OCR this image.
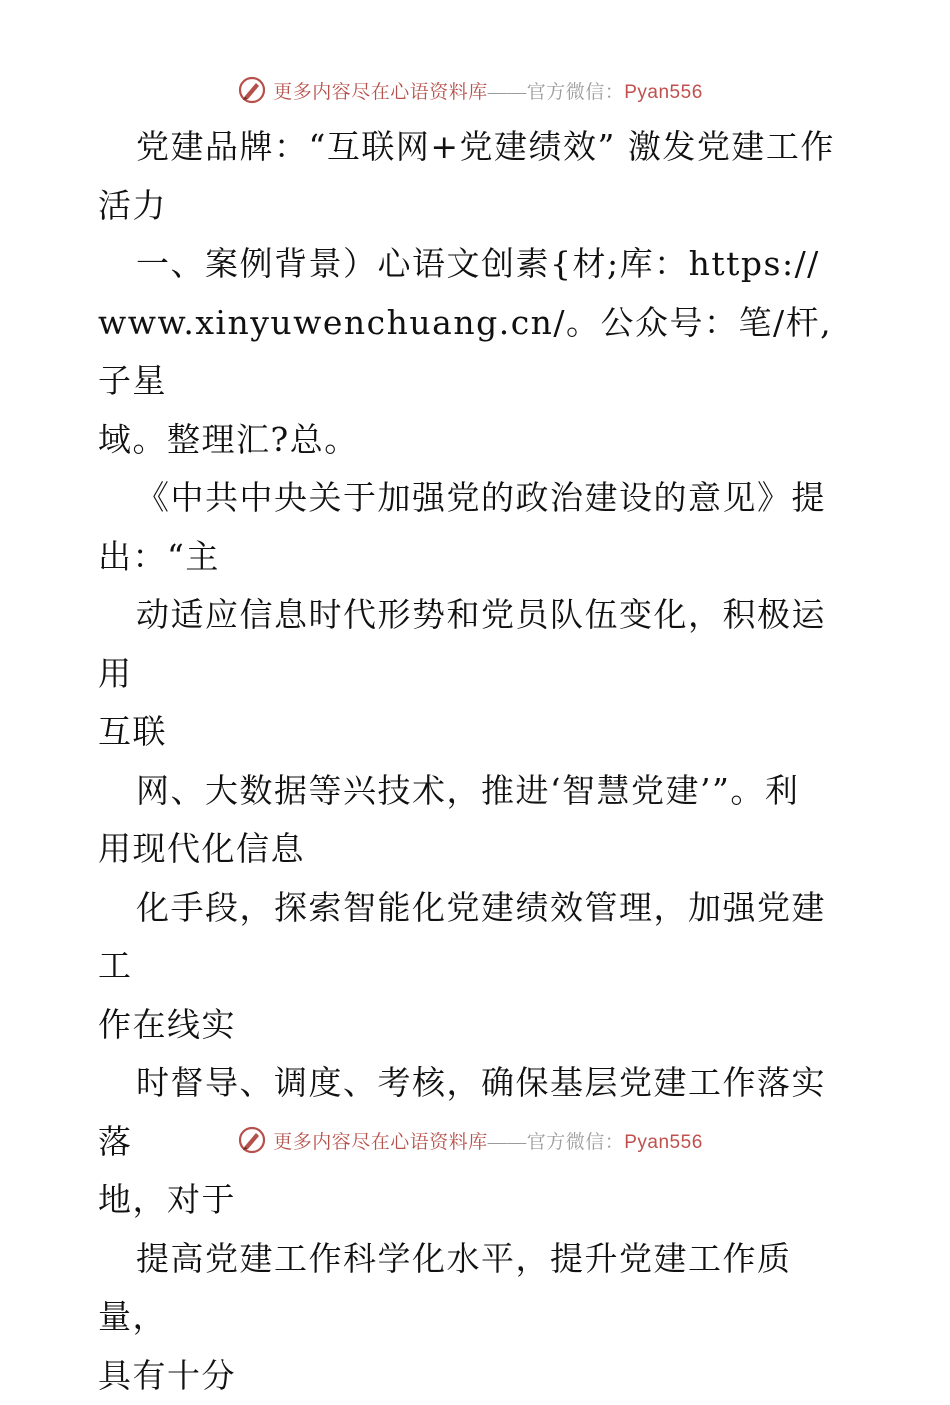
更多内容尽在心语资料库——官方微信：Pyan556

党建品牌：“互联网+党建绩效” 激发党建工作

活力

一、案例背景）心语文创素{材;库：https://

www.xinyuwenchuang.cn/。公众号：笔/杆,子星

域。整理汇?总。

《中共中央关于加强党的政治建设的意见》提

出：“主

动适应信息时代形势和党员队伍变化，积极运用

互联

网、大数据等兴技术，推进‘智慧党建’”。利

用现代化信息

化手段，探索智能化党建绩效管理，加强党建工

作在线实

时督导、调度、考核，确保基层党建工作落实落

地，对于

提高党建工作科学化水平，提升党建工作质量，

具有十分

更多内容尽在心语资料库——官方微信：Pyan556
